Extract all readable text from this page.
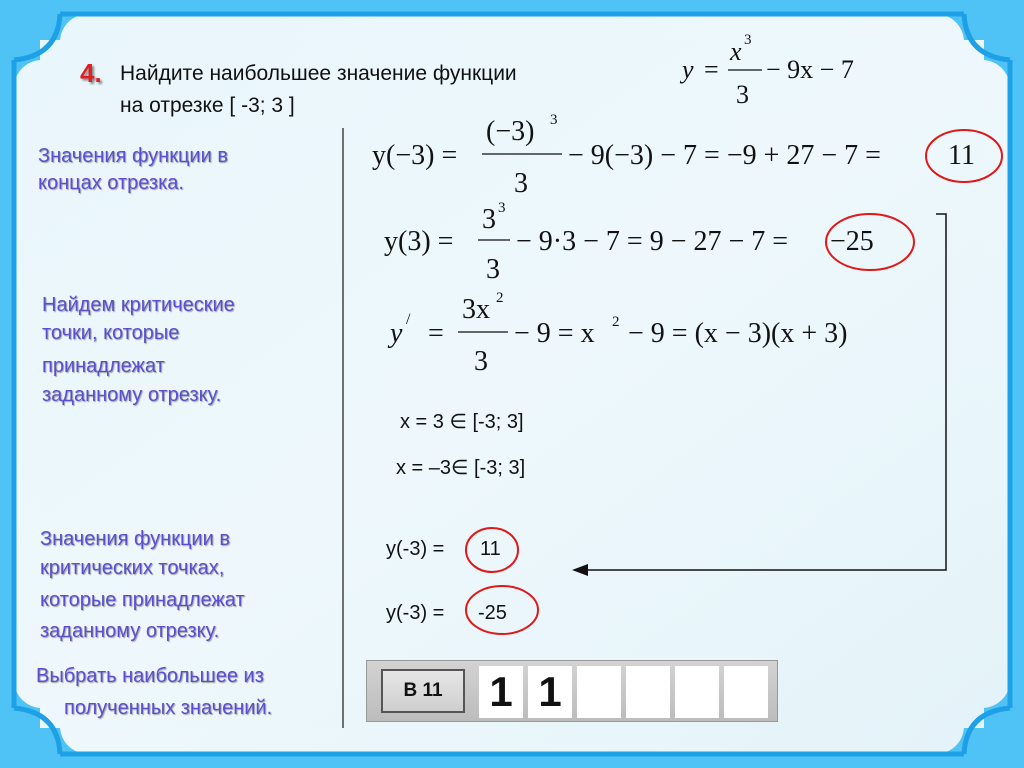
4. Найдите наибольшее значение функции
на отрезке [ -3; 3 ]
y =
x 3
3
− 9x − 7
Значения функции в
концах отрезка.
y(−3) =
(−3) 3
3
− 9(−3) − 7 = −9 + 27 − 7 = 11
y(3) =
3 3
3
− 9·3 − 7 = 9 − 27 − 7 = −25
Найдем критические
точки, которые
принадлежат
заданному отрезку.
y / =
3x 2
3
− 9 = x 2 − 9 = (x − 3)(x + 3)
x = 3 ∈ [-3; 3]
x = –3∈ [-3; 3]
Значения функции в
критических точках,
которые принадлежат
заданному отрезку.
y(-3) = 11
y(-3) = -25
Выбрать наибольшее из
полученных значений.
В 11	1 1
